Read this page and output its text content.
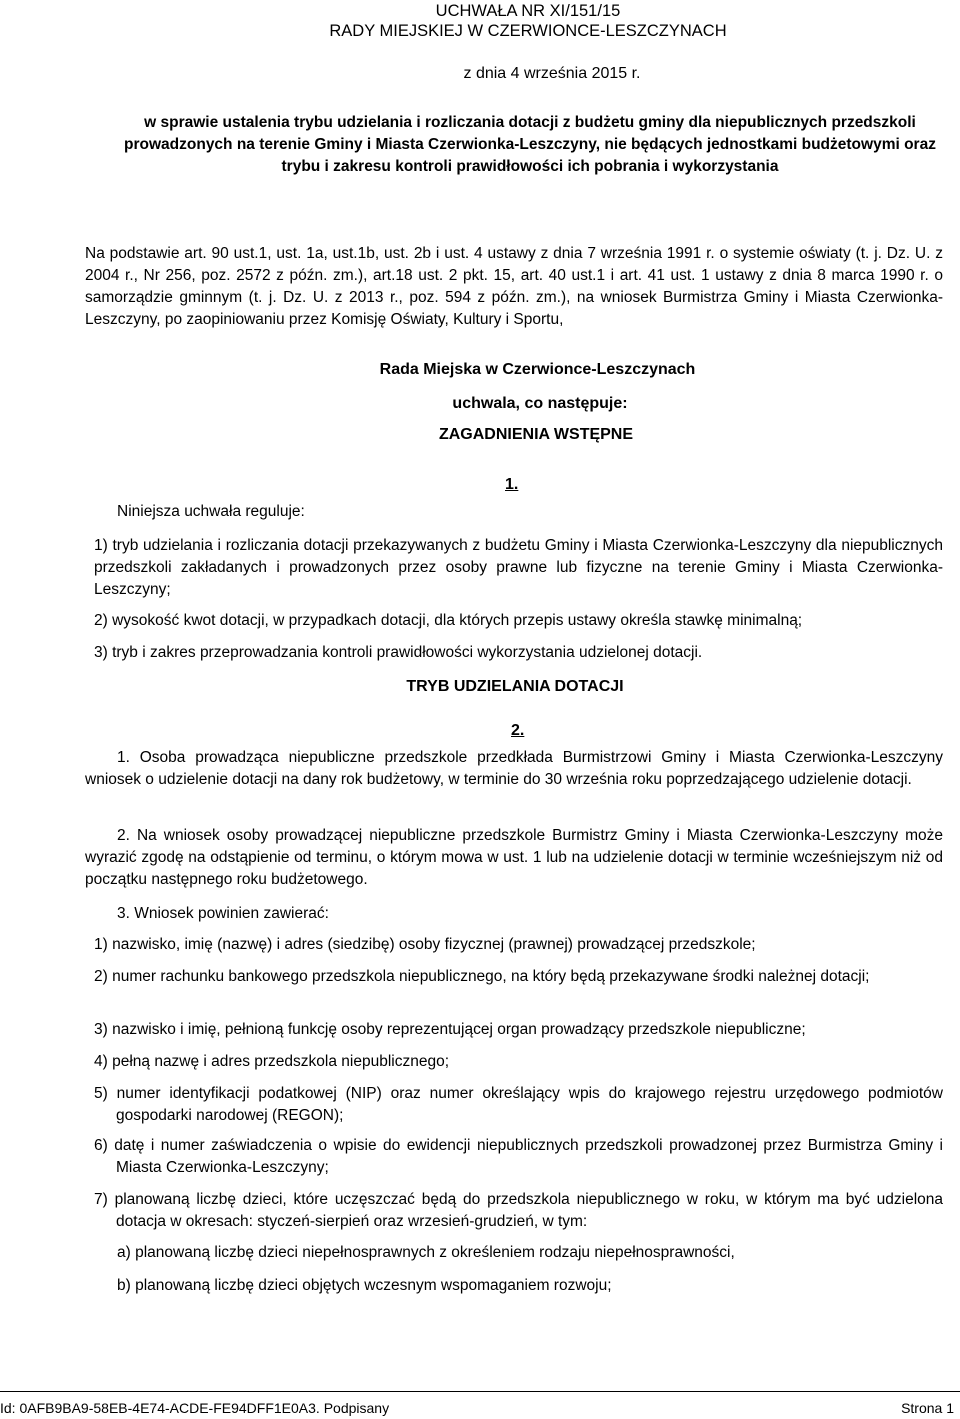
UCHWAŁA NR XI/151/15

RADY MIEJSKIEJ W CZERWIONCE-LESZCZYNACH

z dnia 4 września 2015 r.

w sprawie ustalenia trybu udzielania i rozliczania dotacji z budżetu gminy dla niepublicznych przedszkoli prowadzonych na terenie Gminy i Miasta Czerwionka-Leszczyny, nie będących jednostkami budżetowymi oraz trybu i zakresu kontroli prawidłowości ich pobrania i wykorzystania

Na podstawie art. 90 ust.1, ust. 1a, ust.1b, ust. 2b i ust. 4 ustawy z dnia 7 września 1991 r. o systemie oświaty (t. j. Dz. U. z 2004 r., Nr 256, poz. 2572 z późn. zm.), art.18 ust. 2 pkt. 15, art. 40 ust.1 i art. 41 ust. 1 ustawy z dnia 8 marca 1990 r. o samorządzie gminnym (t. j. Dz. U. z 2013 r., poz. 594 z późn. zm.), na wniosek Burmistrza Gminy i Miasta Czerwionka-Leszczyny, po zaopiniowaniu przez Komisję Oświaty, Kultury i Sportu,

Rada Miejska w Czerwionce-Leszczynach

uchwala, co następuje:

ZAGADNIENIA WSTĘPNE

1.

Niniejsza uchwała reguluje:

1) tryb udzielania i rozliczania dotacji przekazywanych z budżetu Gminy i Miasta Czerwionka-Leszczyny dla niepublicznych przedszkoli zakładanych i prowadzonych przez osoby prawne lub fizyczne na terenie Gminy i Miasta Czerwionka-Leszczyny;

2) wysokość kwot dotacji, w przypadkach dotacji, dla których przepis ustawy określa stawkę minimalną;

3) tryb i zakres przeprowadzania kontroli prawidłowości wykorzystania udzielonej dotacji.

TRYB UDZIELANIA DOTACJI

2.

1. Osoba prowadząca niepubliczne przedszkole przedkłada Burmistrzowi Gminy i Miasta Czerwionka-Leszczyny wniosek o udzielenie dotacji na dany rok budżetowy, w terminie do 30 września roku poprzedzającego udzielenie dotacji.

2. Na wniosek osoby prowadzącej niepubliczne przedszkole Burmistrz Gminy i Miasta Czerwionka-Leszczyny może wyrazić zgodę na odstąpienie od terminu, o którym mowa w ust. 1 lub na udzielenie dotacji w terminie wcześniejszym niż od początku następnego roku budżetowego.

3. Wniosek powinien zawierać:

1) nazwisko, imię (nazwę) i adres (siedzibę) osoby fizycznej (prawnej) prowadzącej przedszkole;

2) numer rachunku bankowego przedszkola niepublicznego, na który będą przekazywane środki należnej dotacji;

3) nazwisko i imię, pełnioną funkcję osoby reprezentującej organ prowadzący przedszkole niepubliczne;

4) pełną nazwę i adres przedszkola niepublicznego;

5) numer identyfikacji podatkowej (NIP) oraz numer określający wpis do krajowego rejestru urzędowego podmiotów gospodarki narodowej (REGON);

6) datę i numer zaświadczenia o wpisie do ewidencji niepublicznych przedszkoli prowadzonej przez Burmistrza Gminy i Miasta Czerwionka-Leszczyny;

7) planowaną liczbę dzieci, które uczęszczać będą do przedszkola niepublicznego w roku, w którym ma być udzielona dotacja w okresach: styczeń-sierpień oraz wrzesień-grudzień, w tym:

a) planowaną liczbę dzieci niepełnosprawnych z określeniem rodzaju niepełnosprawności,

b) planowaną liczbę dzieci objętych wczesnym wspomaganiem rozwoju;

Id: 0AFB9BA9-58EB-4E74-ACDE-FE94DFF1E0A3. Podpisany	Strona 1
